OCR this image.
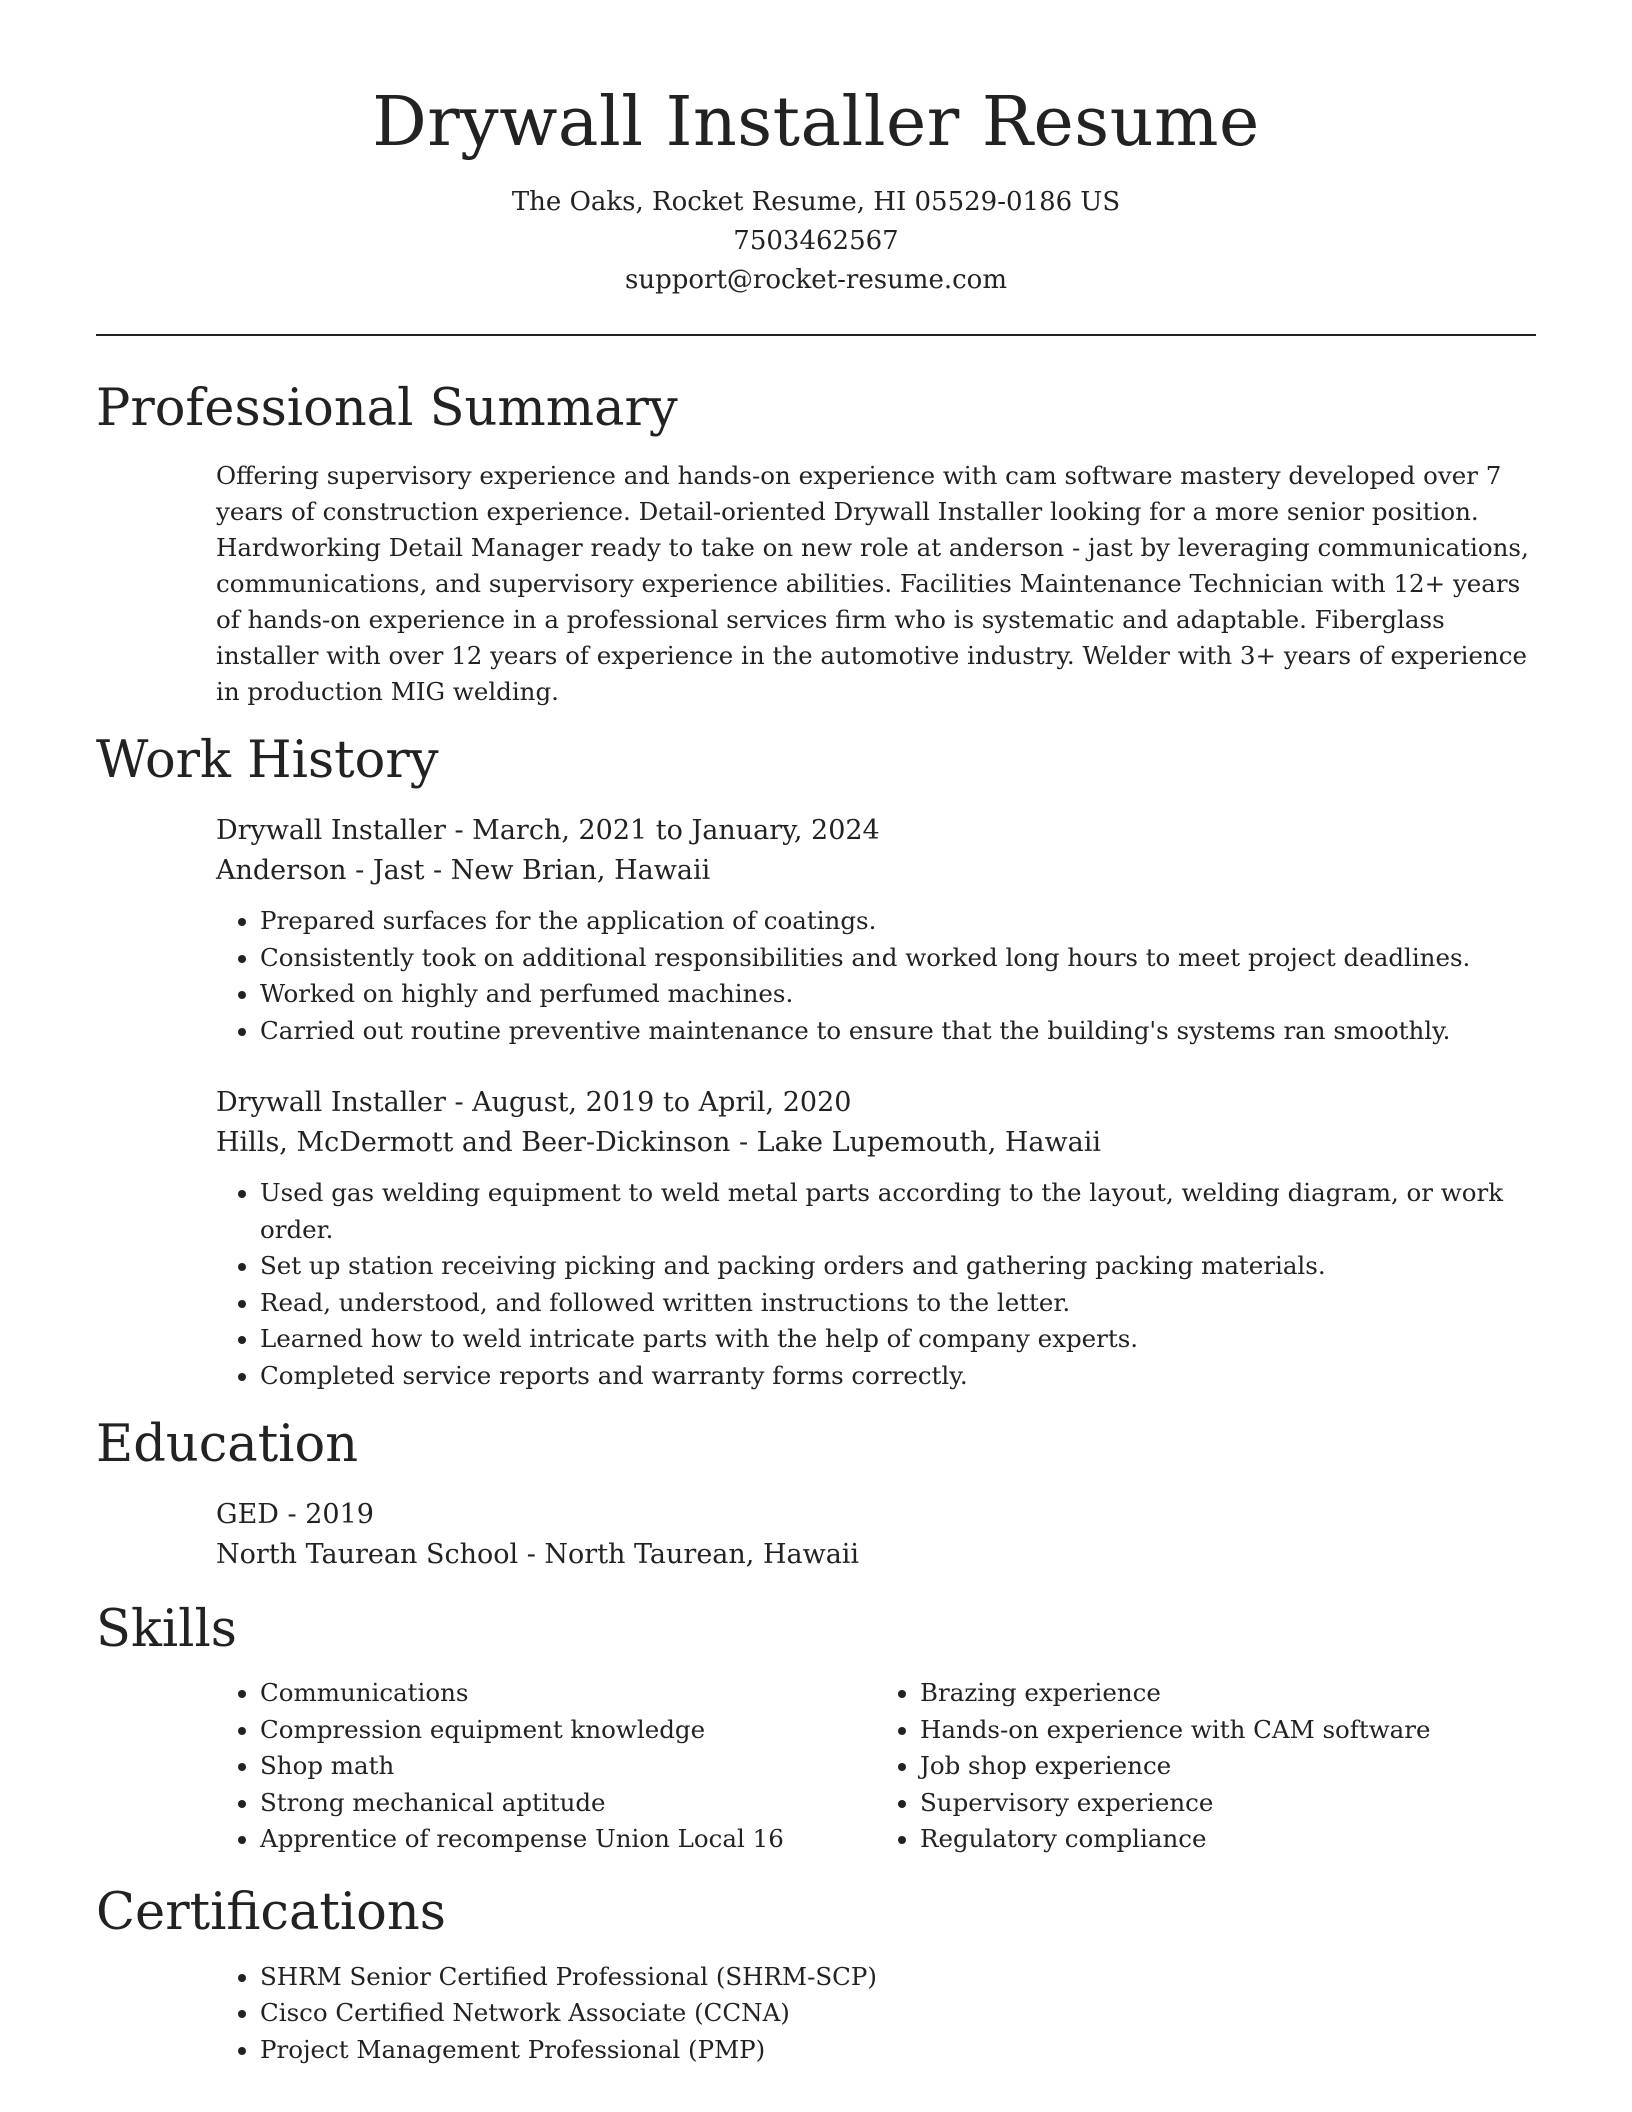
Drywall Installer Resume
The Oaks, Rocket Resume, HI 05529-0186 US
7503462567
support@rocket-resume.com
Professional Summary

Offering supervisory experience and hands-on experience with cam software mastery developed over 7 years of construction experience. Detail-oriented Drywall Installer looking for a more senior position. Hardworking Detail Manager ready to take on new role at anderson - jast by leveraging communications, communications, and supervisory experience abilities. Facilities Maintenance Technician with 12+ years of hands-on experience in a professional services firm who is systematic and adaptable. Fiberglass installer with over 12 years of experience in the automotive industry. Welder with 3+ years of experience in production MIG welding.

Work History
Drywall Installer - March, 2021 to January, 2024
Anderson - Jast - New Brian, Hawaii
• Prepared surfaces for the application of coatings.
• Consistently took on additional responsibilities and worked long hours to meet project deadlines.
• Worked on highly and perfumed machines.
• Carried out routine preventive maintenance to ensure that the building's systems ran smoothly.
Drywall Installer - August, 2019 to April, 2020
Hills, McDermott and Beer-Dickinson - Lake Lupemouth, Hawaii
• Used gas welding equipment to weld metal parts according to the layout, welding diagram, or work order.
• Set up station receiving picking and packing orders and gathering packing materials.
• Read, understood, and followed written instructions to the letter.
• Learned how to weld intricate parts with the help of company experts.
• Completed service reports and warranty forms correctly.
Education
GED - 2019
North Taurean School - North Taurean, Hawaii
Skills
• Communications
• Compression equipment knowledge
• Shop math
• Strong mechanical aptitude
• Apprentice of recompense Union Local 16
• Brazing experience
• Hands-on experience with CAM software
• Job shop experience
• Supervisory experience
• Regulatory compliance
Certifications
• SHRM Senior Certified Professional (SHRM-SCP)
• Cisco Certified Network Associate (CCNA)
• Project Management Professional (PMP)
